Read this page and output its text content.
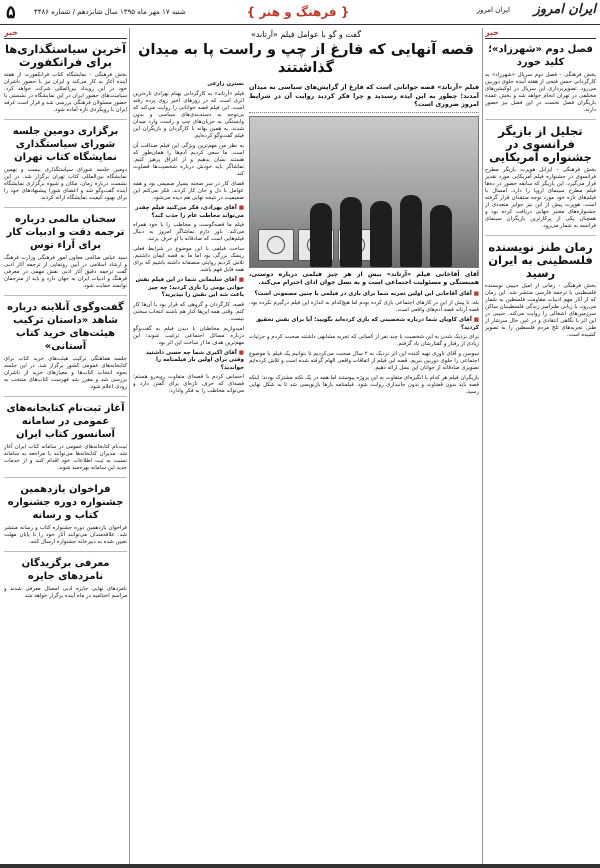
۵	شنبه ۱۷ مهر ماه ۱۳۹۵ سال شانزدهم / شماره ۴۴۸۶	{ فرهنگ و هنر }	ایران امروز ایران امروز
خبر
آخرین سیاستگذاری‌ها برای فرانکفورت

بخش فرهنگی - نمایشگاه کتاب فرانکفورت از هفته آینده آغاز به کار می‌کند و ایران نیز با حضور ناشران خود در این رویداد بین‌المللی شرکت خواهد کرد. سیاست‌های حضور ایران در این نمایشگاه در نشستی با حضور مسئولان فرهنگی بررسی شد و قرار است غرفه ایران با رویکردی تازه آماده شود.

برگزاری دومین جلسه شورای سیاستگذاری نمایشگاه کتاب تهران

دومین جلسه شورای سیاستگذاری بیست و نهمین نمایشگاه بین‌المللی کتاب تهران برگزار شد. در این نشست درباره زمان، مکان و شیوه برگزاری نمایشگاه آینده گفت‌وگو شد و اعضای شورا پیشنهادهای خود را برای بهبود کیفیت نمایشگاه ارائه کردند.

سخنان مالمی درباره ترجمه دقت و ادبیات کار برای آراء توس

سید عباس صالحی معاون امور فرهنگی وزارت فرهنگ و ارشاد اسلامی در آیین رونمایی از ترجمه آثار ادبی گفت ترجمه دقیق آثار ادبی نقش مهمی در معرفی فرهنگ و ادبیات ایران به جهان دارد و باید از مترجمان توانمند حمایت شود.

گفت‌وگوی آنلاینه درباره شاهد «داستان ترکیب هیئت‌های خرید کتاب آستانی»

جلسه هماهنگی ترکیب هیئت‌های خرید کتاب برای کتابخانه‌های عمومی کشور برگزار شد. در این جلسه نحوه انتخاب کتاب‌ها و معیارهای خرید از ناشران بررسی شد و مقرر شد فهرست کتاب‌های منتخب به زودی اعلام شود.

آغاز ثبت‌نام کتابخانه‌های عمومی در سامانه آسانسور کتاب ایران

ثبت‌نام کتابخانه‌های عمومی در سامانه کتاب ایران آغاز شد. مدیران کتابخانه‌ها می‌توانند با مراجعه به سامانه نسبت به ثبت اطلاعات خود اقدام کنند و از خدمات جدید این سامانه بهره‌مند شوند.

فراخوان یازدهمین جشنواره دوره جشنواره کتاب و رسانه

فراخوان یازدهمین دوره جشنواره کتاب و رسانه منتشر شد. علاقه‌مندان می‌توانند آثار خود را تا پایان مهلت تعیین شده به دبیرخانه جشنواره ارسال کنند.

معرفی برگزیدگان نامزدهای جایزه

نامزدهای نهایی جایزه ادبی امسال معرفی شدند و مراسم اختتامیه در ماه آینده برگزار خواهد شد.

گفت و گو با عوامل فیلم «آرتاند»
قصه آنهایی که فارغ از چپ و راست پا به میدان گذاشتند
فیلم «آرتاند» قصه جوانانی است که فارغ از گرایش‌های سیاسی به میدان آمدند؛ چطور به این ایده رسیدید و چرا فکر کردید روایت آن در شرایط امروز ضروری است؟
آقای آقاخانی فیلم «آرتاند» بیش از هر چیز فیلمی درباره دوستی، همبستگی و مسئولیت اجتماعی است و به نسل جوان ادای احترام می‌کند.
■ آقای آقاخانی این اولین تجربه شما برای بازی در فیلمی با چنین مضمونی است؟

بله، تا پیش از این در کارهای اجتماعی بازی کرده بودم اما هیچ‌کدام به اندازه این فیلم درگیرم نکرده بود. قصه آرتاند قصه آدم‌های واقعی است.

■ آقای کاویان شما درباره شخصیتی که بازی کرده‌اید بگویید؛ آیا برای نقش تحقیق کردید؟

برای نزدیک شدن به این شخصیت با چند نفر از کسانی که تجربه مشابهی داشتند صحبت کردم و جزئیات زیادی از رفتار و گفتارشان یاد گرفتم.

سوسن و آقای تاوری تهیه کننده این اثر نزدیک به ۲ سال صحبت می‌کردیم تا بتوانیم یک فیلم با موضوع اجتماعی را جلوی دوربین ببریم. قصه این فیلم از اتفاقات واقعی الهام گرفته شده است و تلاش کرده‌ایم تصویری صادقانه از جوانان این نسل ارائه دهیم.

بازیگران فیلم هر کدام با انگیزه‌ای متفاوت به این پروژه پیوستند اما همه در یک نکته مشترک بودند؛ اینکه قصه باید بدون قضاوت و بدون جانبداری روایت شود. فیلمنامه بارها بازنویسی شد تا به شکل نهایی رسید.

نسترن زارعی

فیلم «آرتاند» به کارگردانی بهنام بهزادی تازه‌ترین اثری است که در روزهای اخیر روی پرده رفته است. این فیلم قصه جوانانی را روایت می‌کند که بی‌توجه به دسته‌بندی‌های سیاسی و بدون وابستگی به جریان‌های چپ و راست وارد میدان شدند. به همین بهانه با کارگردان و بازیگران این فیلم گفت‌وگو کرده‌ایم.

به نظر من مهم‌ترین ویژگی این فیلم صداقت آن است. ما سعی کردیم آدم‌ها را همان‌طور که هستند نشان بدهیم و از اغراق پرهیز کنیم. تماشاگر باید خودش درباره شخصیت‌ها قضاوت کند.

فضای کار در سر صحنه بسیار صمیمی بود و همه عوامل با دل و جان کار کردند. فکر می‌کنم این صمیمیت در نتیجه نهایی هم دیده می‌شود.

■ آقای بهزادی، فکر می‌کنید فیلم چقدر می‌تواند مخاطب عام را جذب کند؟

فیلم ما قصه‌گوست و مخاطب را با خود همراه می‌کند. باور دارم تماشاگر امروز به دنبال فیلم‌هایی است که صادقانه با او حرف بزنند.

ساخت فیلمی با این موضوع در شرایط فعلی ریسک بزرگی بود اما ما به قصه ایمان داشتیم. تلاش کردیم روایتی منصفانه داشته باشیم که برای همه قابل فهم باشد.

■ آقای سلیمانی شما در این فیلم نقش جوانی بومی را بازی کردید؛ چه چیز باعث شد این نقش را بپذیرید؟

قصه، کارگردان و گروهی که قرار بود با آن‌ها کار کنم. وقتی همه این‌ها کنار هم باشند انتخاب سختی نیست.

امیدواریم مخاطبان با دیدن فیلم به گفت‌وگو درباره مسائل اجتماعی ترغیب شوند؛ این مهم‌ترین هدف ما از ساخت این اثر بود.

■ آقای اکبری شما چه حسی داشتید وقتی برای اولین بار فیلمنامه را خواندید؟

احساس کردم با قصه‌ای متفاوت روبه‌رو هستم؛ قصه‌ای که حرف تازه‌ای برای گفتن دارد و می‌تواند مخاطب را به فکر وادارد.

خبر
فصل دوم «شهرزاد»؛ کلید خورد

بخش فرهنگی - فصل دوم سریال «شهرزاد» به کارگردانی حسن فتحی از هفته آینده جلوی دوربین می‌رود. تصویربرداری این سریال در لوکیشن‌های مختلفی در تهران انجام خواهد شد و بخش عمده بازیگران فصل نخست در این فصل نیز حضور دارند.

تجلیل از بازیگر فرانسوی در جشنواره آمریکایی

بخش فرهنگی - ایزابل هوپرت بازیگر مطرح فرانسوی در جشنواره فیلم آمریکایی مورد تقدیر قرار می‌گیرد. این بازیگر که سابقه حضور در ده‌ها فیلم مطرح سینمای اروپا را دارد، امسال با فیلم‌های تازه خود مورد توجه منتقدان قرار گرفته است. هوپرت پیش از این نیز جوایز متعددی از جشنواره‌های معتبر جهانی دریافت کرده بود و همچنان یکی از پرکارترین بازیگران سینمای فرانسه به شمار می‌رود.

رمان طنز نویسنده فلسطینی به ایران رسید

بخش فرهنگی - رمانی از امیل حبیبی نویسنده فلسطینی با ترجمه فارسی منتشر شد. این رمان که از آثار مهم ادبیات مقاومت فلسطین به شمار می‌رود، با زبانی طنزآمیز زندگی فلسطینیان ساکن سرزمین‌های اشغالی را روایت می‌کند. حبیبی در این اثر با نگاهی انتقادی و در عین حال سرشار از طنز، تجربه‌های تلخ مردم فلسطین را به تصویر کشیده است.
